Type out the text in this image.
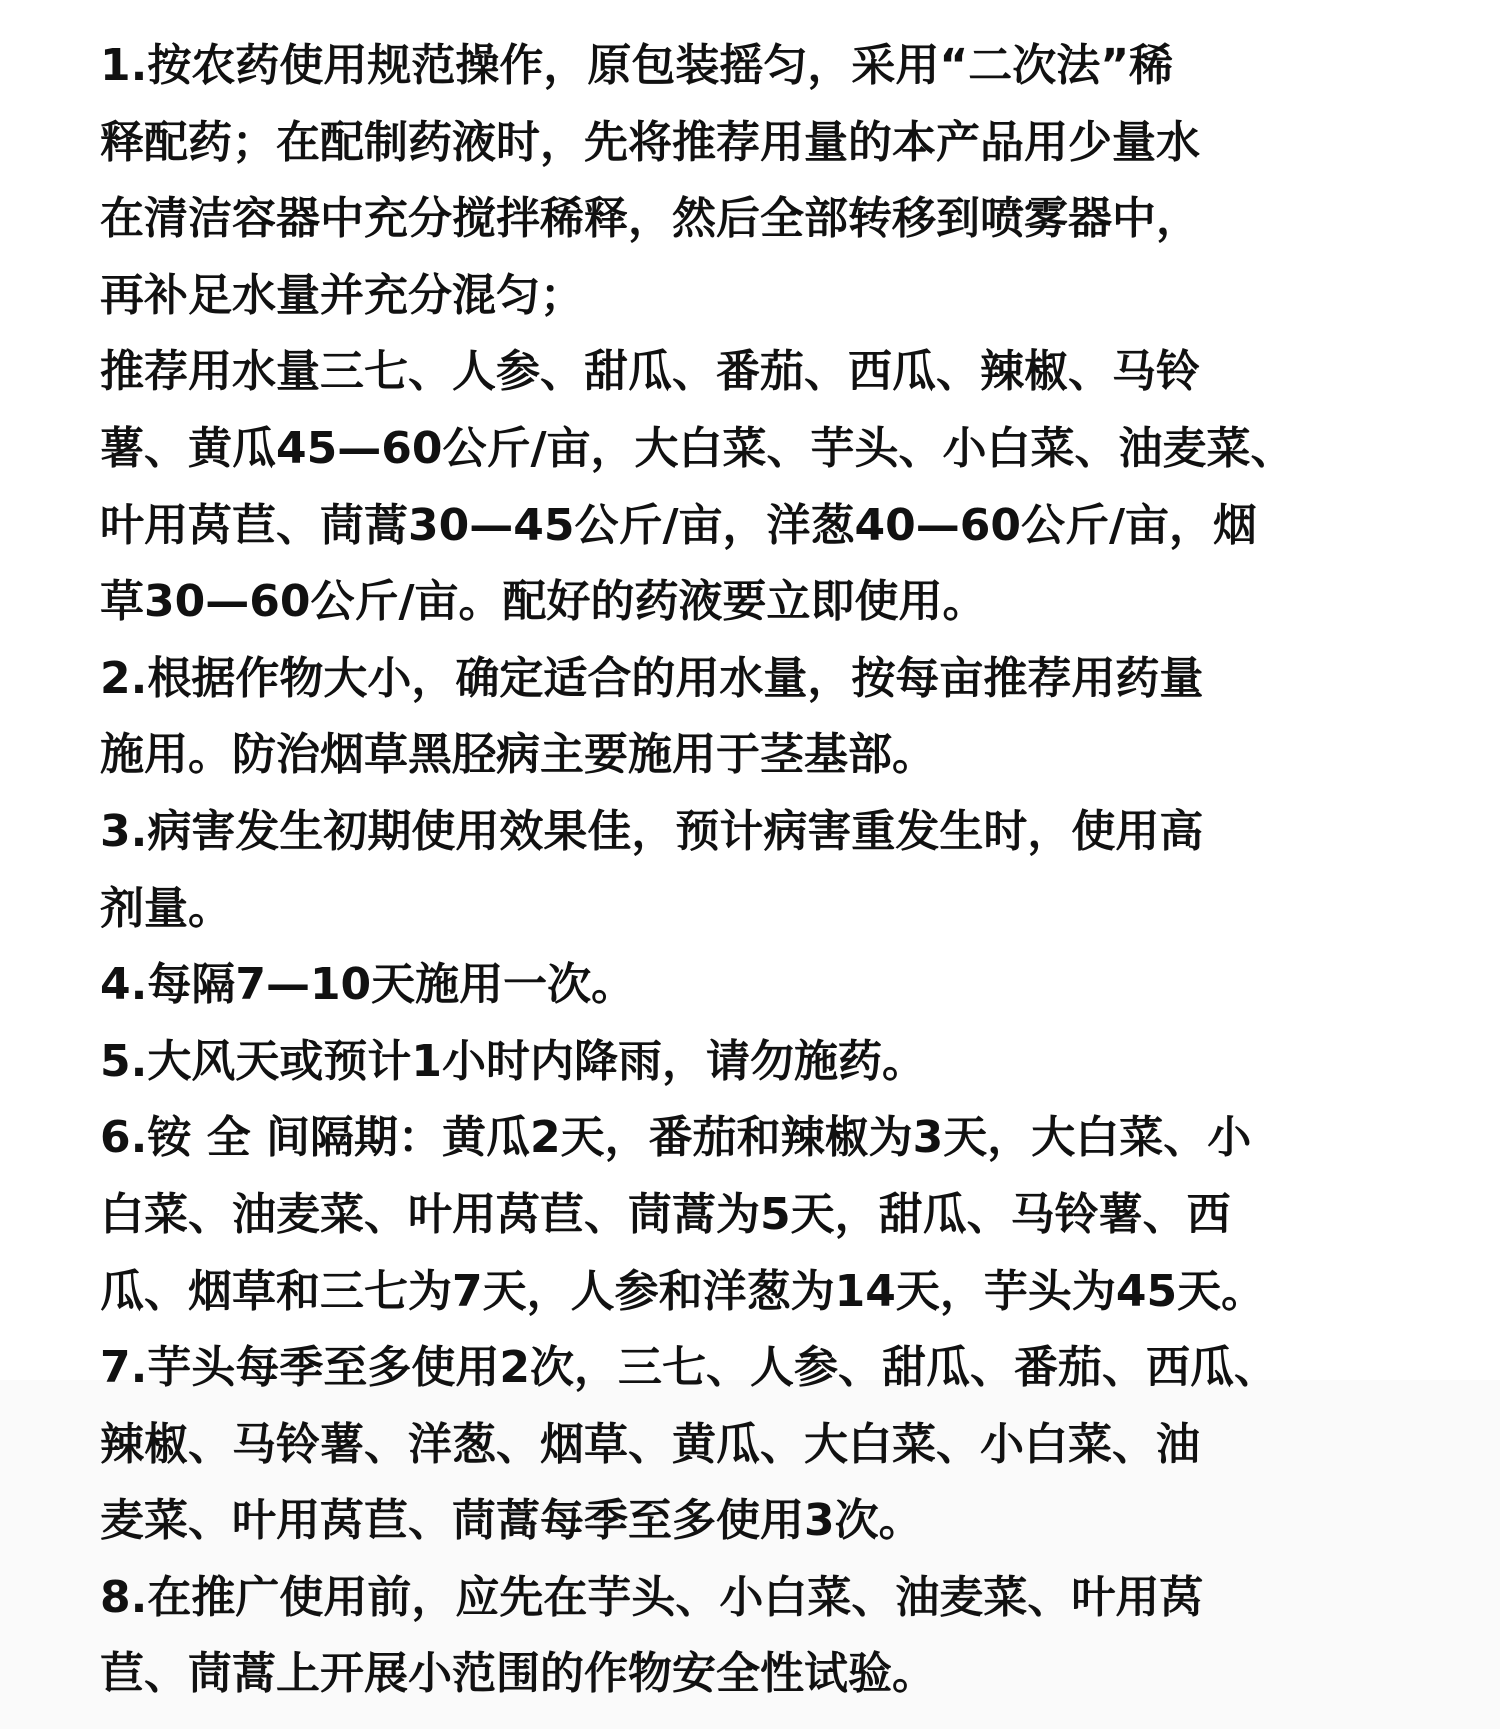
1.按农药使用规范操作，原包装摇匀，采用“二次法”稀
释配药；在配制药液时，先将推荐用量的本产品用少量水
在清洁容器中充分搅拌稀释，然后全部转移到喷雾器中，
再补足水量并充分混匀；
推荐用水量三七、人参、甜瓜、番茄、西瓜、辣椒、马铃
薯、黄瓜45—60公斤/亩，大白菜、芋头、小白菜、油麦菜、
叶用莴苣、茼蒿30—45公斤/亩，洋葱40—60公斤/亩，烟
草30—60公斤/亩。配好的药液要立即使用。
2.根据作物大小，确定适合的用水量，按每亩推荐用药量
施用。防治烟草黑胫病主要施用于茎基部。
3.病害发生初期使用效果佳，预计病害重发生时，使用高
剂量。
4.每隔7—10天施用一次。
5.大风天或预计1小时内降雨，请勿施药。
6.铵 全 间隔期：黄瓜2天，番茄和辣椒为3天，大白菜、小
白菜、油麦菜、叶用莴苣、茼蒿为5天，甜瓜、马铃薯、西
瓜、烟草和三七为7天，人参和洋葱为14天，芋头为45天。
7.芋头每季至多使用2次，三七、人参、甜瓜、番茄、西瓜、
辣椒、马铃薯、洋葱、烟草、黄瓜、大白菜、小白菜、油
麦菜、叶用莴苣、茼蒿每季至多使用3次。
8.在推广使用前，应先在芋头、小白菜、油麦菜、叶用莴
苣、茼蒿上开展小范围的作物安全性试验。
